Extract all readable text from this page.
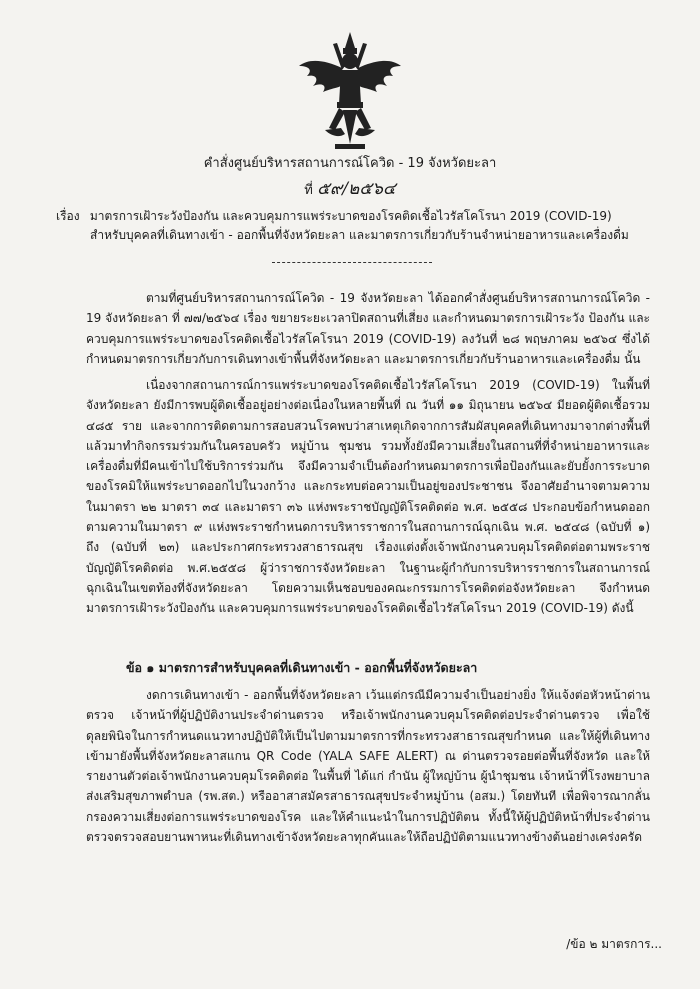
คำสั่งศูนย์บริหารสถานการณ์โควิด - 19 จังหวัดยะลา
ที่ ๕๙/๒๕๖๔
เรื่อง มาตรการเฝ้าระวังป้องกัน และควบคุมการแพร่ระบาดของโรคติดเชื้อไวรัสโคโรนา 2019 (COVID-19)
สำหรับบุคคลที่เดินทางเข้า - ออกพื้นที่จังหวัดยะลา และมาตรการเกี่ยวกับร้านจำหน่ายอาหารและเครื่องดื่ม
ตามที่ศูนย์บริหารสถานการณ์โควิด - 19 จังหวัดยะลา ได้ออกคำสั่งศูนย์บริหารสถานการณ์โควิด - 19 จังหวัดยะลา ที่ ๗๗/๒๕๖๔ เรื่อง ขยายระยะเวลาปิดสถานที่เสี่ยง และกำหนดมาตรการเฝ้าระวัง ป้องกัน และควบคุมการแพร่ระบาดของโรคติดเชื้อไวรัสโคโรนา 2019 (COVID-19) ลงวันที่ ๒๘ พฤษภาคม ๒๕๖๔ ซึ่งได้กำหนดมาตรการเกี่ยวกับการเดินทางเข้าพื้นที่จังหวัดยะลา และมาตรการเกี่ยวกับร้านอาหารและเครื่องดื่ม นั้น
เนื่องจากสถานการณ์การแพร่ระบาดของโรคติดเชื้อไวรัสโคโรนา 2019 (COVID-19) ในพื้นที่จังหวัดยะลา ยังมีการพบผู้ติดเชื้ออยู่อย่างต่อเนื่องในหลายพื้นที่ ณ วันที่ ๑๑ มิถุนายน ๒๕๖๔ มียอดผู้ติดเชื้อรวม ๔๘๕ ราย และจากการติดตามการสอบสวนโรคพบว่าสาเหตุเกิดจากการสัมผัสบุคคลที่เดินทางมาจากต่างพื้นที่แล้วมาทำกิจกรรมร่วมกันในครอบครัว หมู่บ้าน ชุมชน รวมทั้งยังมีความเสี่ยงในสถานที่ที่จำหน่ายอาหารและเครื่องดื่มที่มีคนเข้าไปใช้บริการร่วมกัน จึงมีความจำเป็นต้องกำหนดมาตรการเพื่อป้องกันและยับยั้งการระบาดของโรคมิให้แพร่ระบาดออกไปในวงกว้าง และกระทบต่อความเป็นอยู่ของประชาชน จึงอาศัยอำนาจตามความในมาตรา ๒๒ มาตรา ๓๔ และมาตรา ๓๖ แห่งพระราชบัญญัติโรคติดต่อ พ.ศ. ๒๕๕๘ ประกอบข้อกำหนดออกตามความในมาตรา ๙ แห่งพระราชกำหนดการบริหารราชการในสถานการณ์ฉุกเฉิน พ.ศ. ๒๕๔๘ (ฉบับที่ ๑) ถึง (ฉบับที่ ๒๓) และประกาศกระทรวงสาธารณสุข เรื่องแต่งตั้งเจ้าพนักงานควบคุมโรคติดต่อตามพระราชบัญญัติโรคติดต่อ พ.ศ.๒๕๕๘ ผู้ว่าราชการจังหวัดยะลา ในฐานะผู้กำกับการบริหารราชการในสถานการณ์ฉุกเฉินในเขตท้องที่จังหวัดยะลา โดยความเห็นชอบของคณะกรรมการโรคติดต่อจังหวัดยะลา จึงกำหนดมาตรการเฝ้าระวังป้องกัน และควบคุมการแพร่ระบาดของโรคติดเชื้อไวรัสโคโรนา 2019 (COVID-19) ดังนี้
ข้อ ๑ มาตรการสำหรับบุคคลที่เดินทางเข้า - ออกพื้นที่จังหวัดยะลา
งดการเดินทางเข้า - ออกพื้นที่จังหวัดยะลา เว้นแต่กรณีมีความจำเป็นอย่างยิ่ง ให้แจ้งต่อหัวหน้าด่านตรวจ เจ้าหน้าที่ผู้ปฏิบัติงานประจำด่านตรวจ หรือเจ้าพนักงานควบคุมโรคติดต่อประจำด่านตรวจ เพื่อใช้ดุลยพินิจในการกำหนดแนวทางปฏิบัติให้เป็นไปตามมาตรการที่กระทรวงสาธารณสุขกำหนด และให้ผู้ที่เดินทางเข้ามายังพื้นที่จังหวัดยะลาสแกน QR Code (YALA SAFE ALERT) ณ ด่านตรวจรอยต่อพื้นที่จังหวัด และให้รายงานตัวต่อเจ้าพนักงานควบคุมโรคติดต่อ ในพื้นที่ ได้แก่ กำนัน ผู้ใหญ่บ้าน ผู้นำชุมชน เจ้าหน้าที่โรงพยาบาลส่งเสริมสุขภาพตำบล (รพ.สต.) หรืออาสาสมัครสาธารณสุขประจำหมู่บ้าน (อสม.) โดยทันที เพื่อพิจารณากลั่นกรองความเสี่ยงต่อการแพร่ระบาดของโรค และให้คำแนะนำในการปฏิบัติตน ทั้งนี้ให้ผู้ปฏิบัติหน้าที่ประจำด่านตรวจตรวจสอบยานพาหนะที่เดินทางเข้าจังหวัดยะลาทุกคันและให้ถือปฏิบัติตามแนวทางข้างต้นอย่างเคร่งครัด
/ข้อ ๒ มาตรการ...
